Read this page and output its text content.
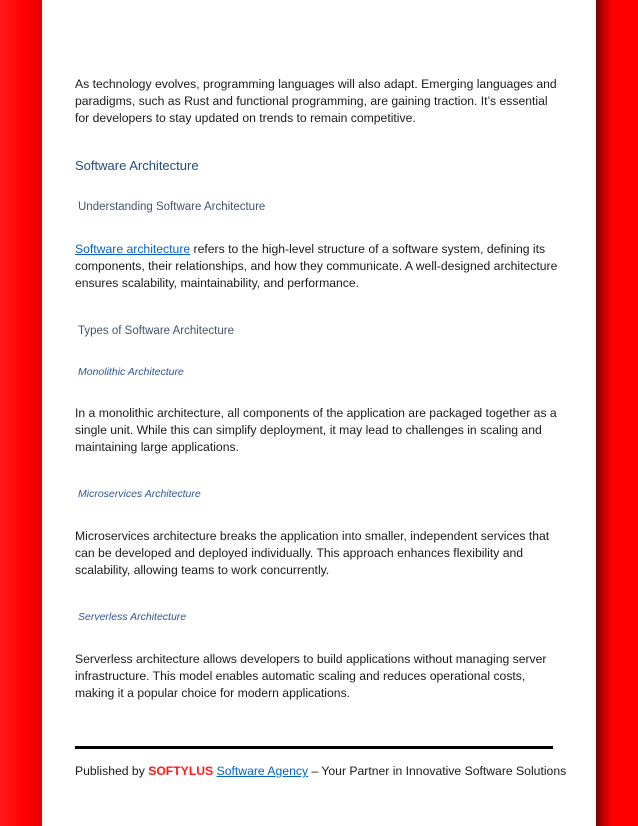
As technology evolves, programming languages will also adapt. Emerging languages and paradigms, such as Rust and functional programming, are gaining traction. It’s essential for developers to stay updated on trends to remain competitive.

Software Architecture
Understanding Software Architecture

Software architecture refers to the high-level structure of a software system, defining its components, their relationships, and how they communicate. A well-designed architecture ensures scalability, maintainability, and performance.

Types of Software Architecture
Monolithic Architecture

In a monolithic architecture, all components of the application are packaged together as a single unit. While this can simplify deployment, it may lead to challenges in scaling and maintaining large applications.

Microservices Architecture

Microservices architecture breaks the application into smaller, independent services that can be developed and deployed individually. This approach enhances flexibility and scalability, allowing teams to work concurrently.

Serverless Architecture

Serverless architecture allows developers to build applications without managing server infrastructure. This model enables automatic scaling and reduces operational costs, making it a popular choice for modern applications.

Published by SOFTYLUS Software Agency – Your Partner in Innovative Software Solutions
